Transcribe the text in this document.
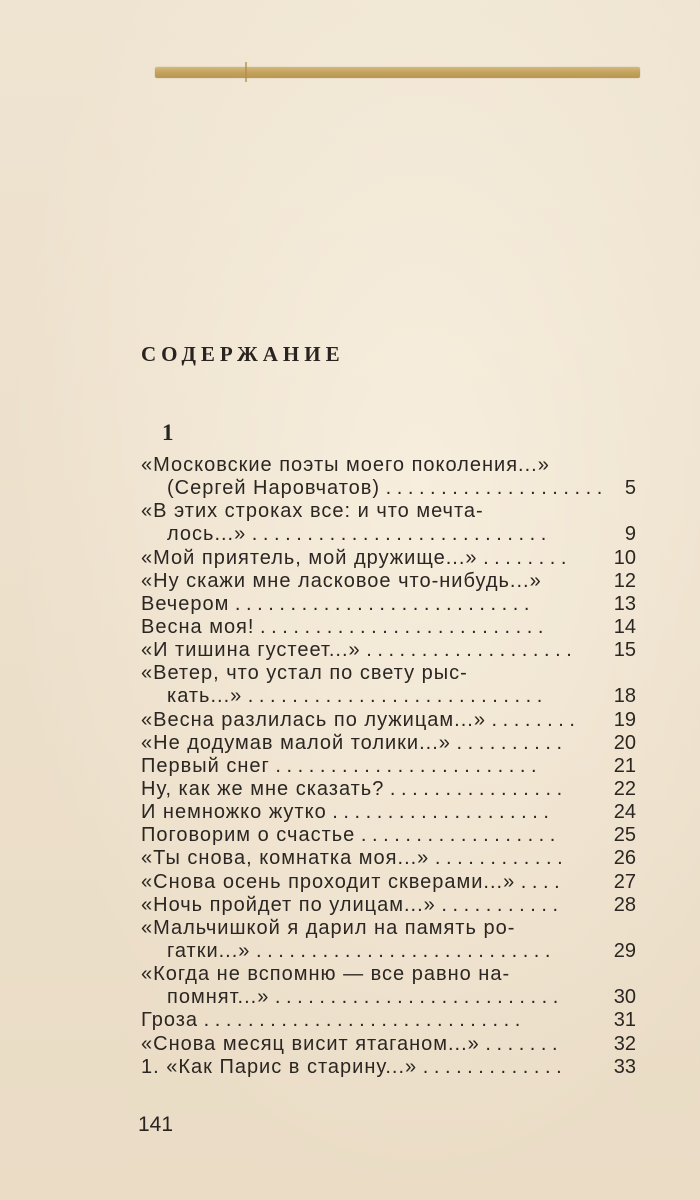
СОДЕРЖАНИЕ
1
«Московские поэты моего поколения...»
(Сергей Наровчатов) . . . . . . . . . . . . . . . . . . . .	5
«В этих строках все: и что мечта-
лось...» . . . . . . . . . . . . . . . . . . . . . . . . . . .	9
«Мой приятель, мой дружище...» . . . . . . . .	10
«Ну скажи мне ласковое что-нибудь...»	12
Вечером . . . . . . . . . . . . . . . . . . . . . . . . . . .	13
Весна моя! . . . . . . . . . . . . . . . . . . . . . . . . . .	14
«И тишина густеет...» . . . . . . . . . . . . . . . . . . .	15
«Ветер, что устал по свету рыс-
кать...» . . . . . . . . . . . . . . . . . . . . . . . . . . .	18
«Весна разлилась по лужицам...» . . . . . . . .	19
«Не додумав малой толики...» . . . . . . . . . .	20
Первый снег . . . . . . . . . . . . . . . . . . . . . . . .	21
Ну, как же мне сказать? . . . . . . . . . . . . . . . .	22
И немножко жутко . . . . . . . . . . . . . . . . . . . .	24
Поговорим о счастье . . . . . . . . . . . . . . . . . .	25
«Ты снова, комнатка моя...» . . . . . . . . . . . .	26
«Снова осень проходит скверами...» . . . .	27
«Ночь пройдет по улицам...» . . . . . . . . . . .	28
«Мальчишкой я дарил на память ро-
гатки...» . . . . . . . . . . . . . . . . . . . . . . . . . . .	29
«Когда не вспомню — все равно на-
помнят...» . . . . . . . . . . . . . . . . . . . . . . . . . .	30
Гроза . . . . . . . . . . . . . . . . . . . . . . . . . . . . .	31
«Снова месяц висит ятаганом...» . . . . . . .	32
1. «Как Парис в старину...» . . . . . . . . . . . . .	33
141
